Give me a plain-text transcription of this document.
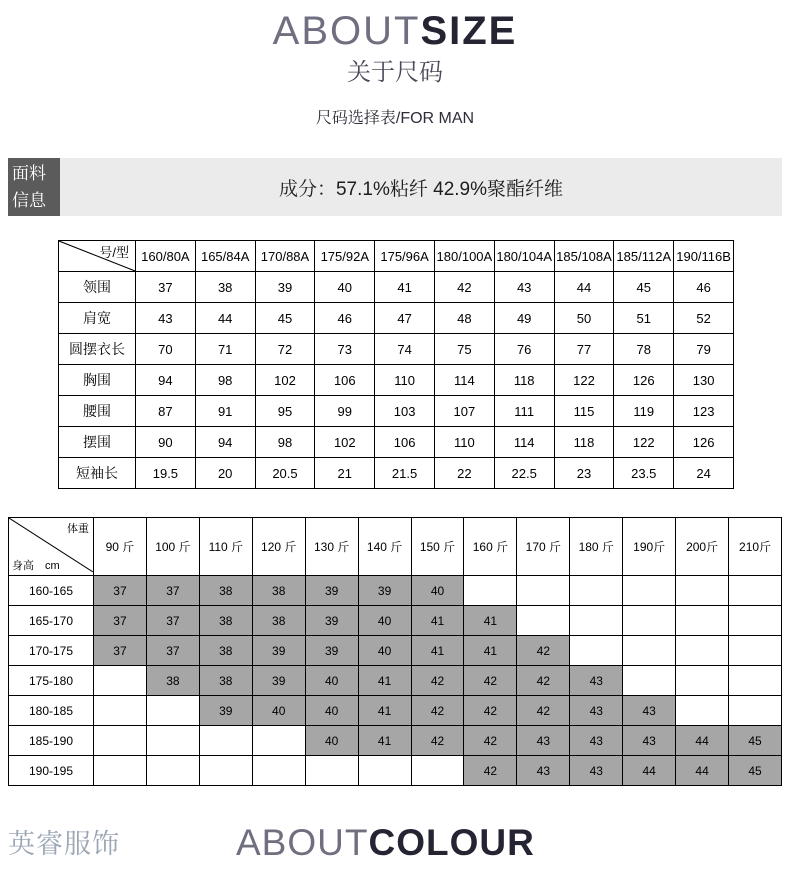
ABOUTSIZE
关于尺码
尺码选择表/FOR MAN
面料
信息
成分：57.1%粘纤 42.9%聚酯纤维
号/型	160/80A	165/84A	170/88A	175/92A	175/96A	180/100A	180/104A	185/108A	185/112A	190/116B
领围	37	38	39	40	41	42	43	44	45	46
肩宽	43	44	45	46	47	48	49	50	51	52
圆摆衣长	70	71	72	73	74	75	76	77	78	79
胸围	94	98	102	106	110	114	118	122	126	130
腰围	87	91	95	99	103	107	111	115	119	123
摆围	90	94	98	102	106	110	114	118	122	126
短袖长	19.5	20	20.5	21	21.5	22	22.5	23	23.5	24
体重
身高　cm	90 斤	100 斤	110 斤	120 斤	130 斤	140 斤	150 斤	160 斤	170 斤	180 斤	190斤	200斤	210斤
160-165	37	37	38	38	39	39	40						
165-170	37	37	38	38	39	40	41	41					
170-175	37	37	38	39	39	40	41	41	42				
175-180		38	38	39	40	41	42	42	42	43			
180-185			39	40	40	41	42	42	42	43	43		
185-190					40	41	42	42	43	43	43	44	45
190-195								42	43	43	44	44	45
英睿服饰	ABOUTCOLOUR
